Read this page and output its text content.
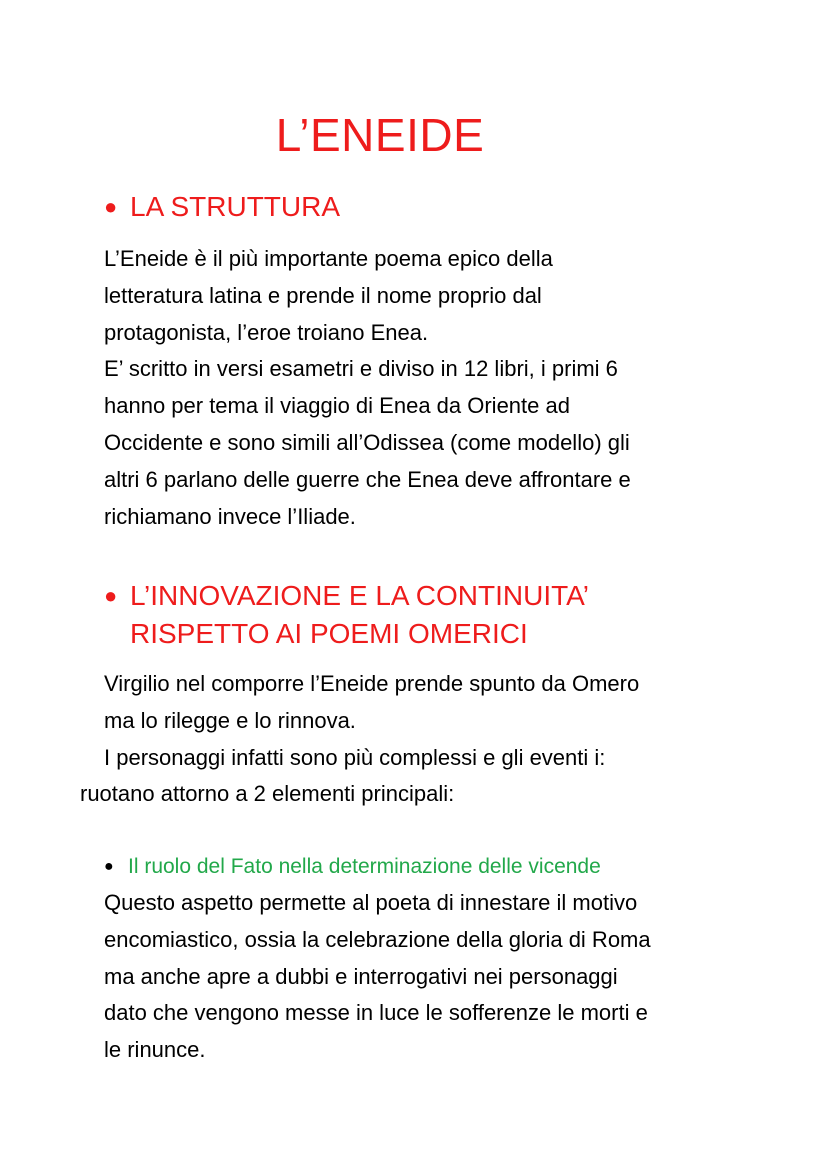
L’ENEIDE
● LA STRUTTURA
L’Eneide è il più importante poema epico della
letteratura latina e prende il nome proprio dal
protagonista, l’eroe troiano Enea.
E’ scritto in versi esametri e diviso in 12 libri, i primi 6
hanno per tema il viaggio di Enea da Oriente ad
Occidente e sono simili all’Odissea (come modello) gli
altri 6 parlano delle guerre che Enea deve affrontare e
richiamano invece l’Iliade.
● L’INNOVAZIONE E LA CONTINUITA’
RISPETTO AI POEMI OMERICI
Virgilio nel comporre l’Eneide prende spunto da Omero
ma lo rilegge e lo rinnova.
I personaggi infatti sono più complessi e gli eventi i:
ruotano attorno a 2 elementi principali:
● Il ruolo del Fato nella determinazione delle vicende
Questo aspetto permette al poeta di innestare il motivo
encomiastico, ossia la celebrazione della gloria di Roma
ma anche apre a dubbi e interrogativi nei personaggi
dato che vengono messe in luce le sofferenze le morti e
le rinunce.
